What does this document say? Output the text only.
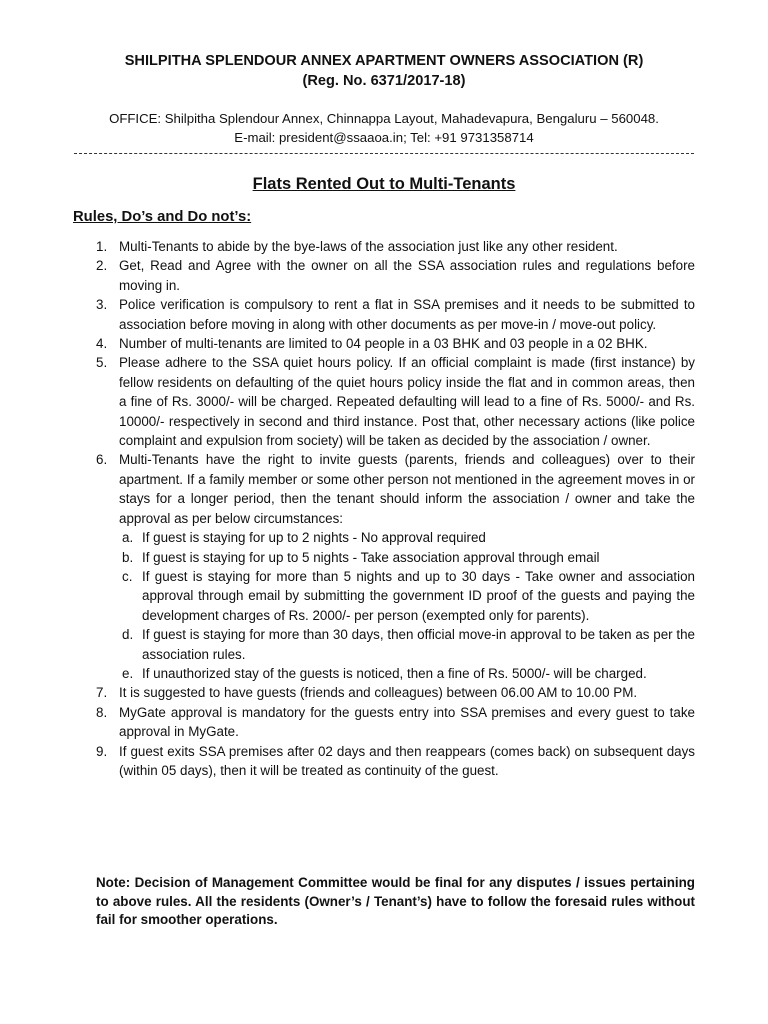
SHILPITHA SPLENDOUR ANNEX APARTMENT OWNERS ASSOCIATION (R)
(Reg. No. 6371/2017-18)
OFFICE: Shilpitha Splendour Annex, Chinnappa Layout, Mahadevapura, Bengaluru – 560048.
E-mail: president@ssaaoa.in; Tel: +91 9731358714
Flats Rented Out to Multi-Tenants
Rules, Do’s and Do not’s:
1. Multi-Tenants to abide by the bye-laws of the association just like any other resident.
2. Get, Read and Agree with the owner on all the SSA association rules and regulations before moving in.
3. Police verification is compulsory to rent a flat in SSA premises and it needs to be submitted to association before moving in along with other documents as per move-in / move-out policy.
4. Number of multi-tenants are limited to 04 people in a 03 BHK and 03 people in a 02 BHK.
5. Please adhere to the SSA quiet hours policy. If an official complaint is made (first instance) by fellow residents on defaulting of the quiet hours policy inside the flat and in common areas, then a fine of Rs. 3000/- will be charged. Repeated defaulting will lead to a fine of Rs. 5000/- and Rs. 10000/- respectively in second and third instance. Post that, other necessary actions (like police complaint and expulsion from society) will be taken as decided by the association / owner.
6. Multi-Tenants have the right to invite guests (parents, friends and colleagues) over to their apartment. If a family member or some other person not mentioned in the agreement moves in or stays for a longer period, then the tenant should inform the association / owner and take the approval as per below circumstances:
a. If guest is staying for up to 2 nights - No approval required
b. If guest is staying for up to 5 nights - Take association approval through email
c. If guest is staying for more than 5 nights and up to 30 days - Take owner and association approval through email by submitting the government ID proof of the guests and paying the development charges of Rs. 2000/- per person (exempted only for parents).
d. If guest is staying for more than 30 days, then official move-in approval to be taken as per the association rules.
e. If unauthorized stay of the guests is noticed, then a fine of Rs. 5000/- will be charged.
7. It is suggested to have guests (friends and colleagues) between 06.00 AM to 10.00 PM.
8. MyGate approval is mandatory for the guests entry into SSA premises and every guest to take approval in MyGate.
9. If guest exits SSA premises after 02 days and then reappears (comes back) on subsequent days (within 05 days), then it will be treated as continuity of the guest.
Note: Decision of Management Committee would be final for any disputes / issues pertaining to above rules. All the residents (Owner’s / Tenant’s) have to follow the foresaid rules without fail for smoother operations.
